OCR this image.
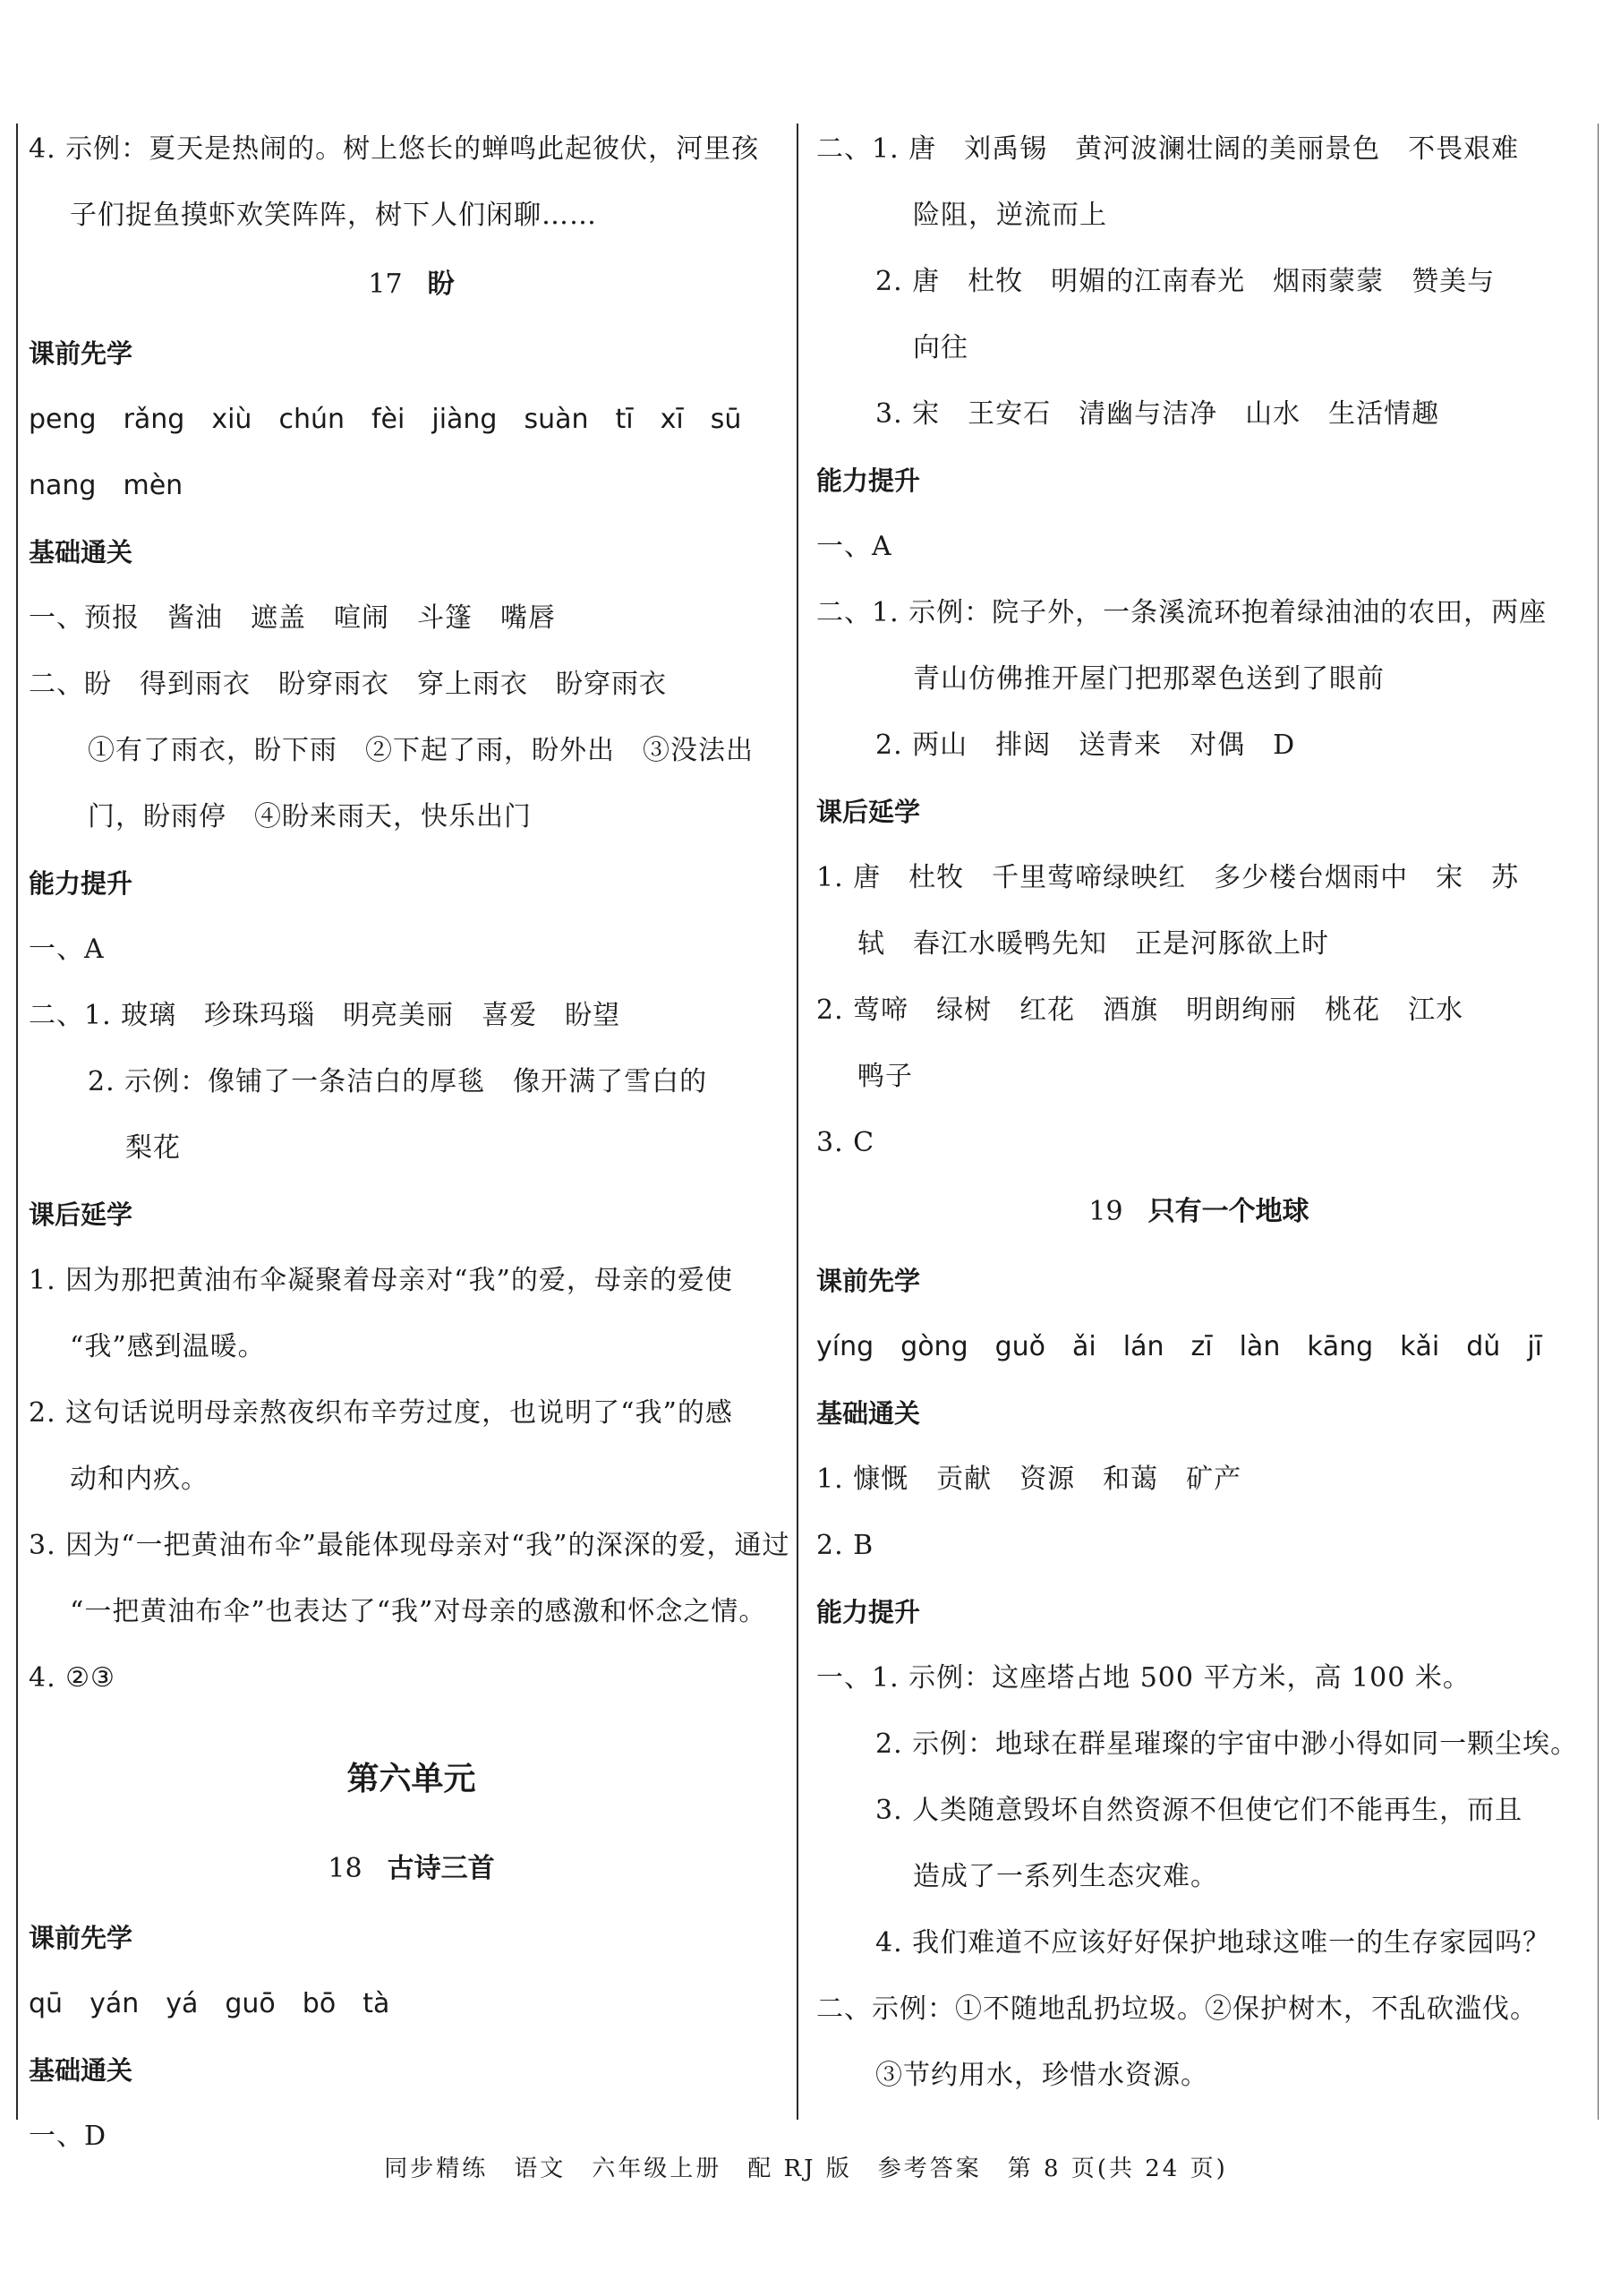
4. 示例：夏天是热闹的。树上悠长的蝉鸣此起彼伏，河里孩
子们捉鱼摸虾欢笑阵阵，树下人们闲聊……
17 盼
课前先学
peng rǎng xiù chún fèi jiàng suàn tī xī sū
nang mèn
基础通关
一、预报　酱油　遮盖　喧闹　斗篷　嘴唇
二、盼　得到雨衣　盼穿雨衣　穿上雨衣　盼穿雨衣
①有了雨衣，盼下雨　②下起了雨，盼外出　③没法出
门，盼雨停　④盼来雨天，快乐出门
能力提升
一、A
二、1. 玻璃　珍珠玛瑙　明亮美丽　喜爱　盼望
2. 示例：像铺了一条洁白的厚毯　像开满了雪白的
梨花
课后延学
1. 因为那把黄油布伞凝聚着母亲对“我”的爱，母亲的爱使
“我”感到温暖。
2. 这句话说明母亲熬夜织布辛劳过度，也说明了“我”的感
动和内疚。
3. 因为“一把黄油布伞”最能体现母亲对“我”的深深的爱，通过
“一把黄油布伞”也表达了“我”对母亲的感激和怀念之情。
4. ②③
第六单元
18 古诗三首
课前先学
qū yán yá guō bō tà
基础通关
一、D
二、1. 唐　刘禹锡　黄河波澜壮阔的美丽景色　不畏艰难
险阻，逆流而上
2. 唐　杜牧　明媚的江南春光　烟雨蒙蒙　赞美与
向往
3. 宋　王安石　清幽与洁净　山水　生活情趣
能力提升
一、A
二、1. 示例：院子外，一条溪流环抱着绿油油的农田，两座
青山仿佛推开屋门把那翠色送到了眼前
2. 两山　排闼　送青来　对偶　D
课后延学
1. 唐　杜牧　千里莺啼绿映红　多少楼台烟雨中　宋　苏
轼　春江水暖鸭先知　正是河豚欲上时
2. 莺啼　绿树　红花　酒旗　明朗绚丽　桃花　江水
鸭子
3. C
19 只有一个地球
课前先学
yíng gòng guǒ ǎi lán zī làn kāng kǎi dǔ jī
基础通关
1. 慷慨　贡献　资源　和蔼　矿产
2. B
能力提升
一、1. 示例：这座塔占地 500 平方米，高 100 米。
2. 示例：地球在群星璀璨的宇宙中渺小得如同一颗尘埃。
3. 人类随意毁坏自然资源不但使它们不能再生，而且
造成了一系列生态灾难。
4. 我们难道不应该好好保护地球这唯一的生存家园吗？
二、示例：①不随地乱扔垃圾。②保护树木，不乱砍滥伐。
③节约用水，珍惜水资源。
同步精练　语文　六年级上册　配 RJ 版　参考答案　第 8 页(共 24 页)
